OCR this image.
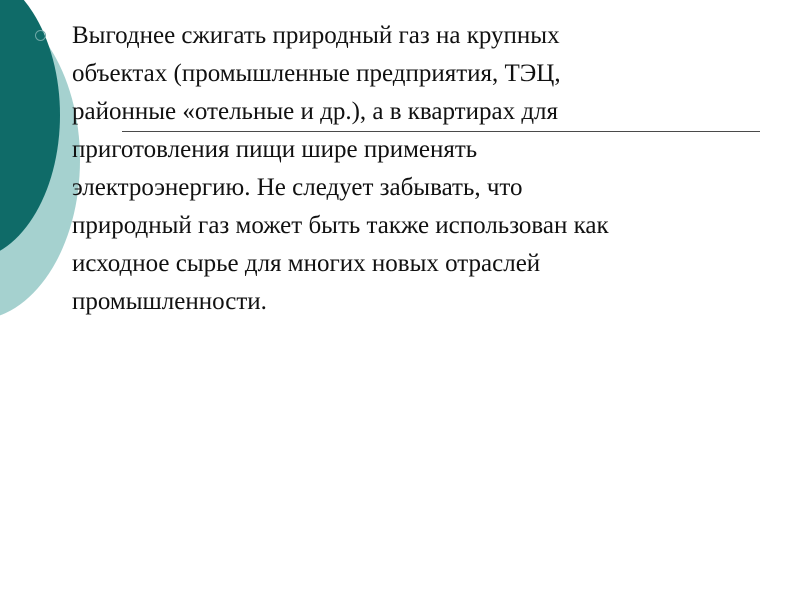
Выгоднее сжигать природный газ на крупных
объектах (промышленные предприятия, ТЭЦ,
районные «отельные и др.), а в квартирах для
приготовления пищи шире применять
электроэнергию. Не следует забывать, что
природный газ может быть также использован как
исходное сырье для многих новых отраслей
промышленности.
